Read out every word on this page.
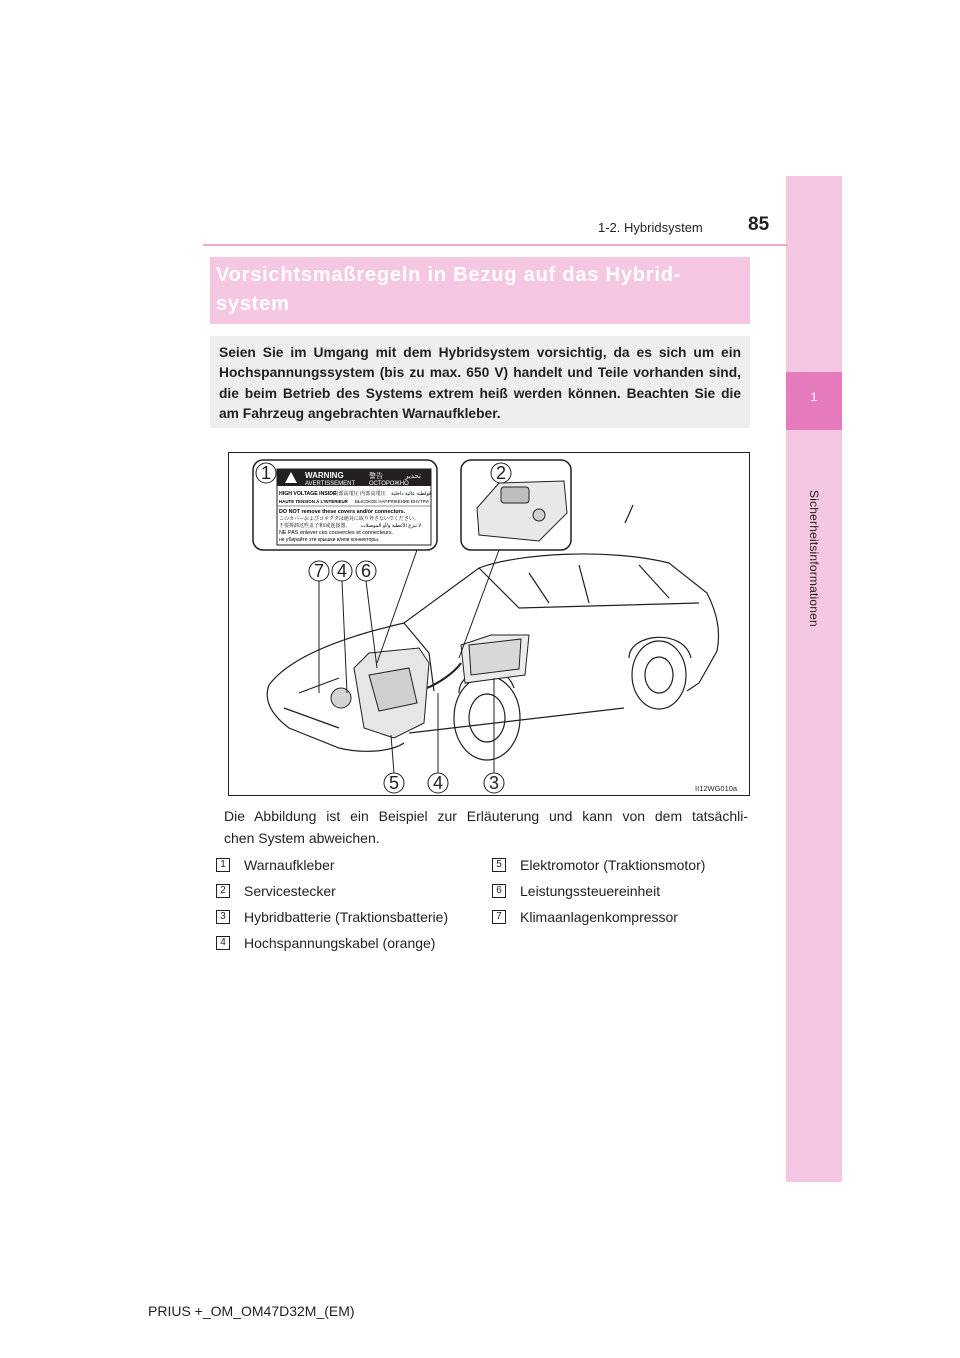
1
Sicherheitsinformationen
1-2. Hybridsystem 85
Vorsichtsmaßregeln in Bezug auf das Hybrid-
system
Seien Sie im Umgang mit dem Hybridsystem vorsichtig, da es sich um ein Hochspannungssystem (bis zu max. 650 V) handelt und Teile vorhanden sind, die beim Betrieb des Systems extrem heiß werden können. Beachten Sie die am Fahrzeug angebrachten Warnaufkleber.
WARNING
AVERTISSEMENT
警告	تحذير
ОСТОРОЖНО
HIGH VOLTAGE INSIDE
内部高電圧 内部高電压 فولطية عالية داخلية
HAUTE TENSION À L'INTÉRIEUR ВЫСОКОЕ НАПРЯЖЕНИЕ ВНУТРИ
DO NOT remove these covers and/or connectors.
このカバーおよびコネクタは絶対に取り外さないでください。
不要拆卸这些盖子和/或连接器。 لا تنزع الأغطية و/أو الموصلات
NE PAS enlever ces couvercles et connecteurs.
не убирайте эти крышки и/или коннекторы.
1	2
7 4 6
5 4	3	II12WG010a
Die Abbildung ist ein Beispiel zur Erläuterung und kann von dem tatsächli-
chen System abweichen.
1 Warnaufkleber
2 Servicestecker
3 Hybridbatterie (Traktionsbatterie)
4 Hochspannungskabel (orange)
5 Elektromotor (Traktionsmotor)
6 Leistungssteuereinheit
7 Klimaanlagenkompressor
PRIUS +_OM_OM47D32M_(EM)
